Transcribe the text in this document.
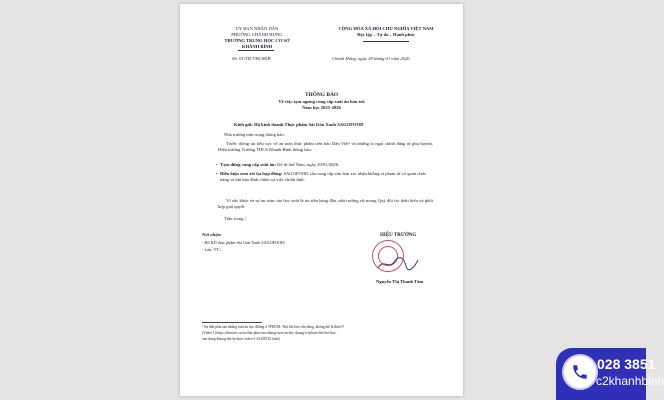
ỦY BAN NHÂN DÂN
PHƯỜNG CHÁNH HƯNG
TRƯỜNG TRUNG HỌC CƠ SỞ
KHÁNH BÌNH
Số: 01/TB-THCSKB
CỘNG HÒA XÃ HỘI CHỦ NGHĨA VIỆT NAM
Độc lập – Tự do – Hạnh phúc
Chánh Hưng, ngày 29 tháng 01 năm 2026
THÔNG BÁO
Về việc tạm ngưng cung cấp suất ăn bán trú
Năm học 2025-2026
Kính gửi: Hộ kinh doanh Thực phẩm Sài Gòn Xanh SAGOFOOD
Nhà trường trân trọng thông báo:
Trước thông tin tiêu cực về an toàn thực phẩm trên báo Dân Việt¹ và những lo ngại chính đáng từ phụ huynh, Hiệu trưởng Trường THCS Khánh Bình thông báo:
• Tạm dừng cung cấp suất ăn: Kể từ thứ Năm, ngày 29/01/2026.
• Điều kiện xem xét lại hợp đồng: SAGOFOOD cần cung cấp văn bản xác nhận không vi phạm từ cơ quan chức năng và bài báo đính chính sự việc chính thức.
Vì sức khỏe và sự an toàn của học sinh là ưu tiên hàng đầu, nhà trường rất mong Quý đối tác thấu hiểu và phối hợp giải quyết.
Trân trọng./.
Nơi nhận:
- Hộ KD thực phẩm Sài Gòn Xanh SAGOFOOD;
- Lưu: VT./.
HIỆU TRƯỞNG
Nguyễn Thị Thanh Tâm
¹ Sự thật phía sau những suất ăn học đường ở TPHCM: Thịt hôi báo vẫn dùng, không thể là được?!
(Video 1) https://danviet.vn/su-that-phia-sau-nhung-suat-an-hoc-duong-o-tphcm-thit-hoi-bao-
van-dung-khong-the-la-duoc-video-1-d1200723.html)
028 3851
c2khanhbinh
